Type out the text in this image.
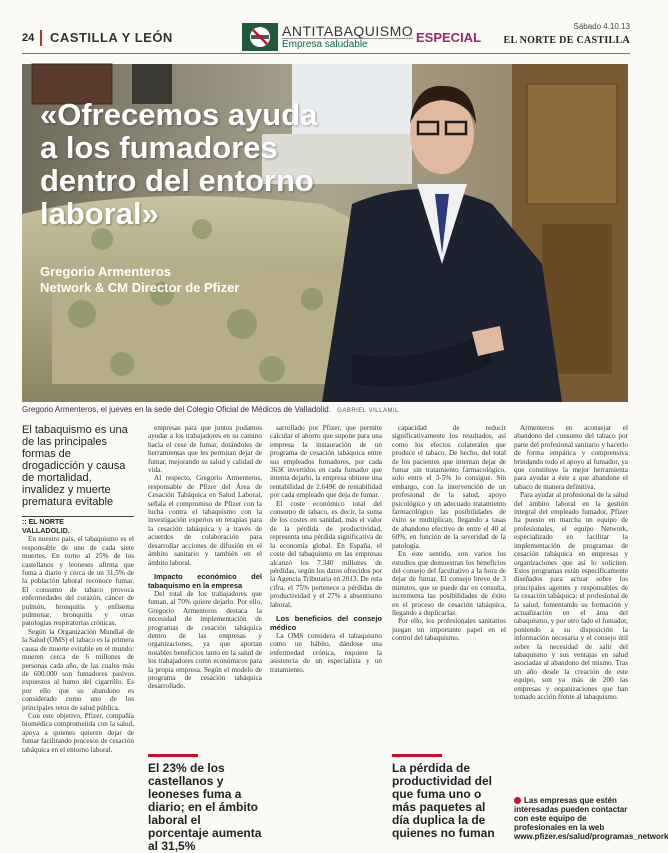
24 CASTILLA Y LEÓN	ANTITABAQUISMO
Empresa saludable	ESPECIAL
Sábado 4.10.13
EL NORTE DE CASTILLA
«Ofrecemos ayuda a los fumadores dentro del entorno laboral»
Gregorio Armenteros
Network & CM Director de Pfizer
Gregorio Armenteros, el jueves en la sede del Colegio Oficial de Médicos de Valladolid. GABRIEL VILLAMIL
El tabaquismo es una de las principales formas de drogadicción y causa de mortalidad, invalidez y muerte prematura evitable
:: EL NORTE
VALLADOLID.

En nuestro país, el tabaquismo es el responsable de uno de cada siete muertes. En torno al 25% de los castellanos y leoneses afirma que fuma a diario y cerca de un 31,5% de la población laboral reconoce fumar. El consumo de tabaco provoca enfermedades del corazón, cáncer de pulmón, bronquitis y enfisema pulmonar, bronquitis y otras patologías respiratorias crónicas.

Según la Organización Mundial de la Salud (OMS) el tabaco es la primera causa de muerte evitable en el mundo: mueren cerca de 6 millones de personas cada año, de las cuales más de 600.000 son fumadores pasivos expuestos al humo del cigarrillo. Es por ello que su abandono es considerado como uno de los principales retos de salud pública.

Con este objetivo, Pfizer, compañía biomédica comprometida con la salud, apoya a quienes quieren dejar de fumar facilitando procesos de cesación tabáquica en el entorno laboral.

empresas para que juntos podamos ayudar a los trabajadores en su camino hacia el cese de fumar, dotándoles de herramientas que les permitan dejar de fumar, mejorando su salud y calidad de vida.

Al respecto, Gregorio Armenteros, responsable de Pfizer del Área de Cesación Tabáquica en Salud Laboral, señala el compromiso de Pfizer con la lucha contra el tabaquismo con la investigación expertos en terapias para la cesación tabáquica y a través de acuerdos de colaboración para desarrollar acciones de difusión en el ámbito sanitario y también en el ámbito laboral.

Impacto económico del tabaquismo en la empresa

Del total de los trabajadores que fuman, al 70% quiere dejarlo. Por ello, Gregorio Armenteros destaca la necesidad de implementación de programas de cesación tabáquica dentro de las empresas y organizaciones, ya que aportan notables beneficios tanto en la salud de los trabajadores como económicos para la propia empresa. Según el modelo de programa de cesación tabáquica desarrollado.

sarrollado por Pfizer, que permite calcular el ahorro que supone para una empresa la instauración de un programa de cesación tabáquica entre sus empleados fumadores, por cada 363€ invertidos en cada fumador que intenta dejarlo, la empresa obtiene una rentabilidad de 2.649€ de rentabilidad por cada empleado que deja de fumar.

El coste económico total del consumo de tabaco, es decir, la suma de los costes en sanidad, más el valor de la pérdida de productividad, representa una pérdida significativa de la economía global. En España, el coste del tabaquismo en las empresas alcanzó los 7.340 millones de pérdidas, según los datos ofrecidos por la Agencia Tributaria en 2013. De esta cifra, el 75% pertenece a pérdidas de productividad y el 27% a absentismo laboral.

Los beneficios del consejo médico

La OMS considera el tabaquismo como un hábito, dándose una enfermedad crónica, requiere la asistencia de un especialista y un tratamiento.

capacidad de reducir significativamente los resultados, así como los efectos colaterales que produce el tabaco. De hecho, del total de los pacientes que intentan dejar de fumar sin tratamiento farmacológico, solo entre el 3-5% lo consigue. Sin embargo, con la intervención de un profesional de la salud, apoyo psicológico y un adecuado tratamiento farmacológico las posibilidades de éxito se multiplican, llegando a tasas de abandono efectivo de entre el 40 al 60%, en función de la severidad de la patología.

En este sentido, son varios los estudios que demuestran los beneficios del consejo del facultativo a la hora de dejar de fumar. El consejo breve de 3 minutos, que se puede dar en consulta, incrementa las posibilidades de éxito en el proceso de cesación tabáquica, llegando a duplicarlas.

Por ello, los profesionales sanitarios juegan un importante papel en el control del tabaquismo.

Armenteros en aconsejar el abandono del consumo del tabaco por parte del profesional sanitario y hacerlo de forma empática y comprensiva brindando todo el apoyo al fumador, ya que constituye la mejor herramienta para ayudar a éste a que abandone el tabaco de manera definitiva.

Para ayudar al profesional de la salud del ámbito laboral en la gestión integral del empleado fumador, Pfizer ha puesto en marcha un equipo de profesionales, el equipo Network, especializado en facilitar la implementación de programas de cesación tabáquica en empresas y organizaciones que así lo soliciten. Estos programas están específicamente diseñados para actuar sobre los principales agentes y responsables de la cesación tabáquica: el profesional de la salud, fomentando su formación y actualización en el área del tabaquismo, y por otro lado el fumador, poniendo a su disposición la información necesaria y el consejo útil sobre la necesidad de salir del tabaquismo y sus ventajas en salud asociadas al abandono del mismo. Tras un año desde la creación de este equipo, son ya más de 200 las empresas y organizaciones que han tomado acción frente al tabaquismo.

El 23% de los castellanos y leoneses fuma a diario; en el ámbito laboral el porcentaje aumenta al 31,5%
La pérdida de productividad del que fuma uno o más paquetes al día duplica la de quienes no fuman
Las empresas que estén interesadas pueden contactar con este equipo de profesionales en la web www.pfizer.es/salud/programas_network
